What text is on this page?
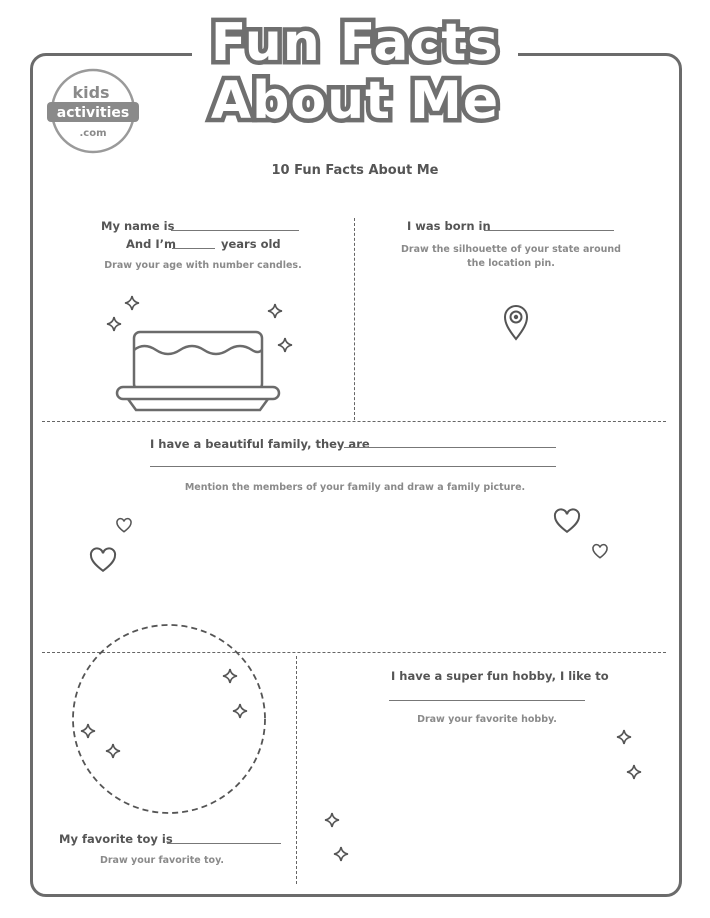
Fun Facts
About Me
kids
activities
.com
10 Fun Facts About Me
My name is
And I’m	years old
Draw your age with number candles.
I was born in
Draw the silhouette of your state around the location pin.
I have a beautiful family, they are
Mention the members of your family and draw a family picture.
My favorite toy is
Draw your favorite toy.
I have a super fun hobby, I like to
Draw your favorite hobby.
